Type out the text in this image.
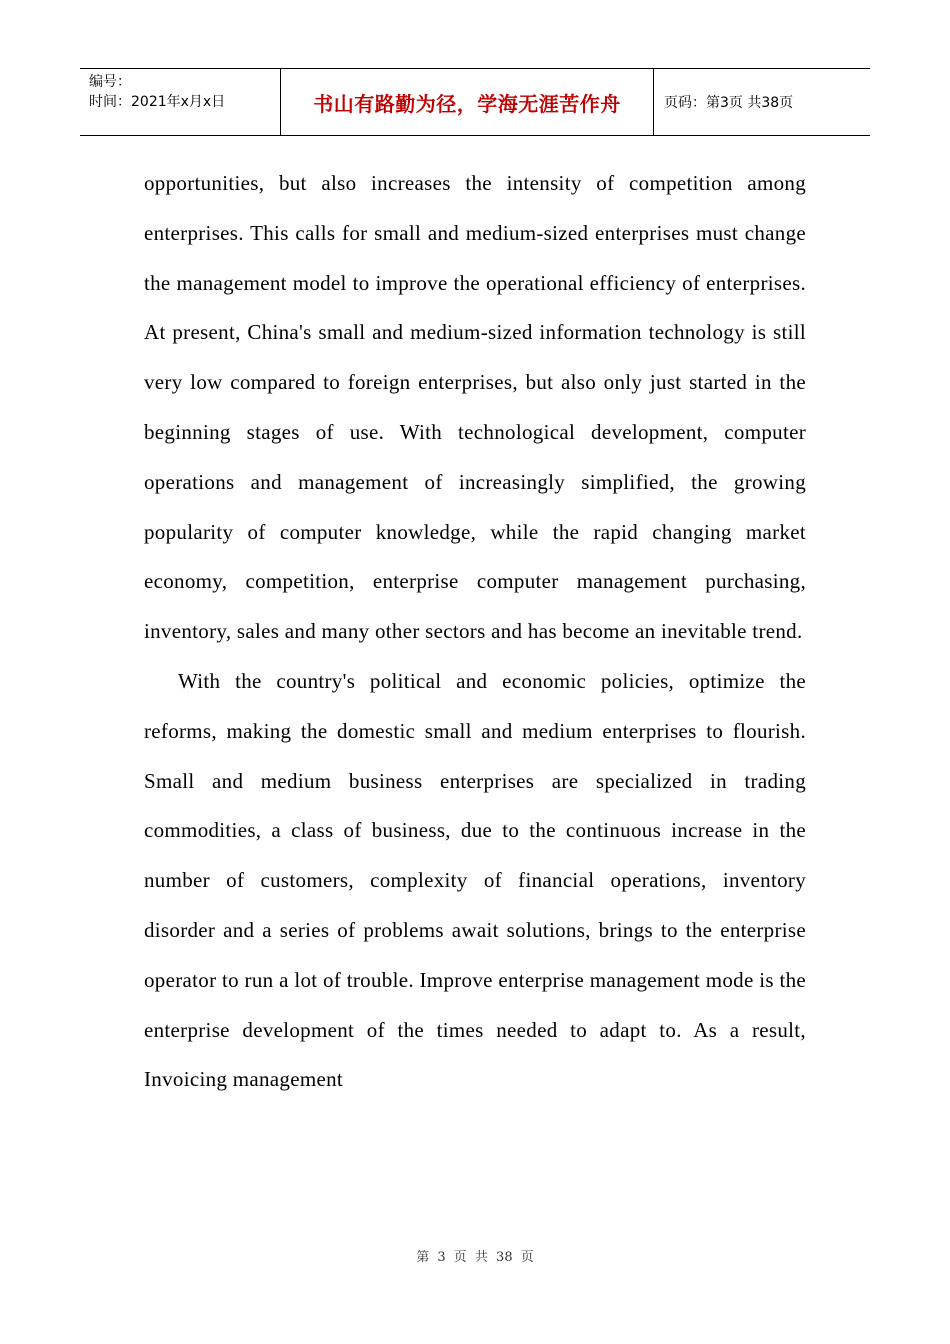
编号：
时间：2021年x月x日	书山有路勤为径，学海无涯苦作舟	页码：第3页 共38页

opportunities, but also increases the intensity of competition among enterprises. This calls for small and medium-sized enterprises must change the management model to improve the operational efficiency of enterprises. At present, China's small and medium-sized information technology is still very low compared to foreign enterprises, but also only just started in the beginning stages of use. With technological development, computer operations and management of increasingly simplified, the growing popularity of computer knowledge, while the rapid changing market economy, competition, enterprise computer management purchasing, inventory, sales and many other sectors and has become an inevitable trend.

With the country's political and economic policies, optimize the reforms, making the domestic small and medium enterprises to flourish. Small and medium business enterprises are specialized in trading commodities, a class of business, due to the continuous increase in the number of customers, complexity of financial operations, inventory disorder and a series of problems await solutions, brings to the enterprise operator to run a lot of trouble. Improve enterprise management mode is the enterprise development of the times needed to adapt to. As a result, Invoicing management

第 3 页 共 38 页
